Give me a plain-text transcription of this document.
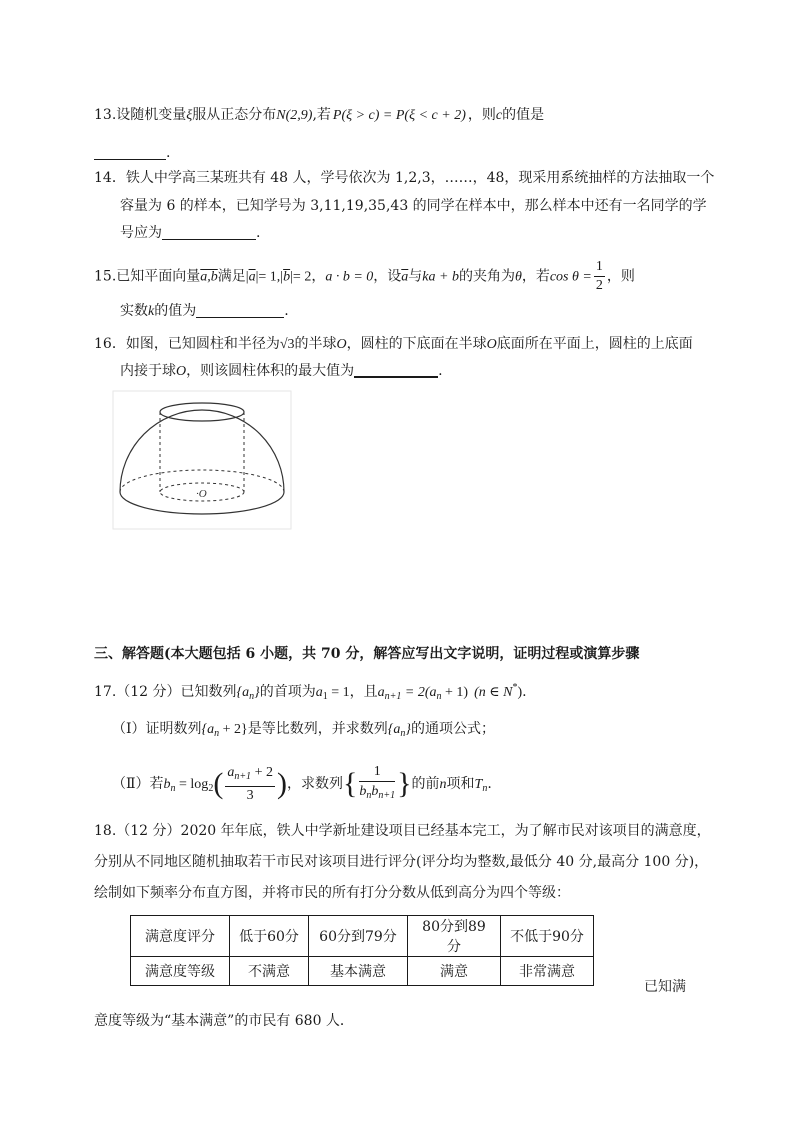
13.设随机变量ξ服从正态分布N(2,9),若 P(ξ > c) = P(ξ < c + 2) ，则c的值是
.
14．铁人中学高三某班共有 48 人，学号依次为 1,2,3，……，48，现采用系统抽样的方法抽取一个
容量为 6 的样本，已知学号为 3,11,19,35,43 的同学在样本中，那么样本中还有一名同学的学
号应为	.
15.已知平面向量a,b满足$|\overline{a}|= 1,|\overline{b}|= 2$，a · b = 0，设$\overline{a}$与ka + b的夹角为θ，若$\cos \theta = \frac{1}{2}$ ，则
实数k的值为	.
16．如图，已知圆柱和半径为√3的半球O，圆柱的下底面在半球O底面所在平面上，圆柱的上底面
内接于球O，则该圆柱体积的最大值为	.
·O
三、解答题(本大题包括 6 小题，共 70 分，解答应写出文字说明，证明过程或演算步骤
17.（12 分）已知数列$\{a_n\}$的首项为$a_1 = 1$，且$a_{n+1} = 2(a_n + 1)$ (n ∈ N*).
（Ⅰ）证明数列$\{a_n + 2\}$是等比数列，并求数列$\{a_n\}$的通项公式；
（Ⅱ）若$b_n = \log_2( \frac{a_{n+1} + 2}{3}$ )，求数列{ $\frac{1}{b_nb_{n+1}}$ }的前n项和$T_n$.
18.（12 分）2020 年年底，铁人中学新址建设项目已经基本完工，为了解市民对该项目的满意度，
分别从不同地区随机抽取若干市民对该项目进行评分(评分均为整数,最低分 40 分,最高分 100 分)，
绘制如下频率分布直方图，并将市民的所有打分分数从低到高分为四个等级：
满意度评分	低于60分	60分到79分	80分到89分	不低于90分
满意度等级	不满意	基本满意	满意	非常满意
已知满
意度等级为“基本满意”的市民有 680 人．
